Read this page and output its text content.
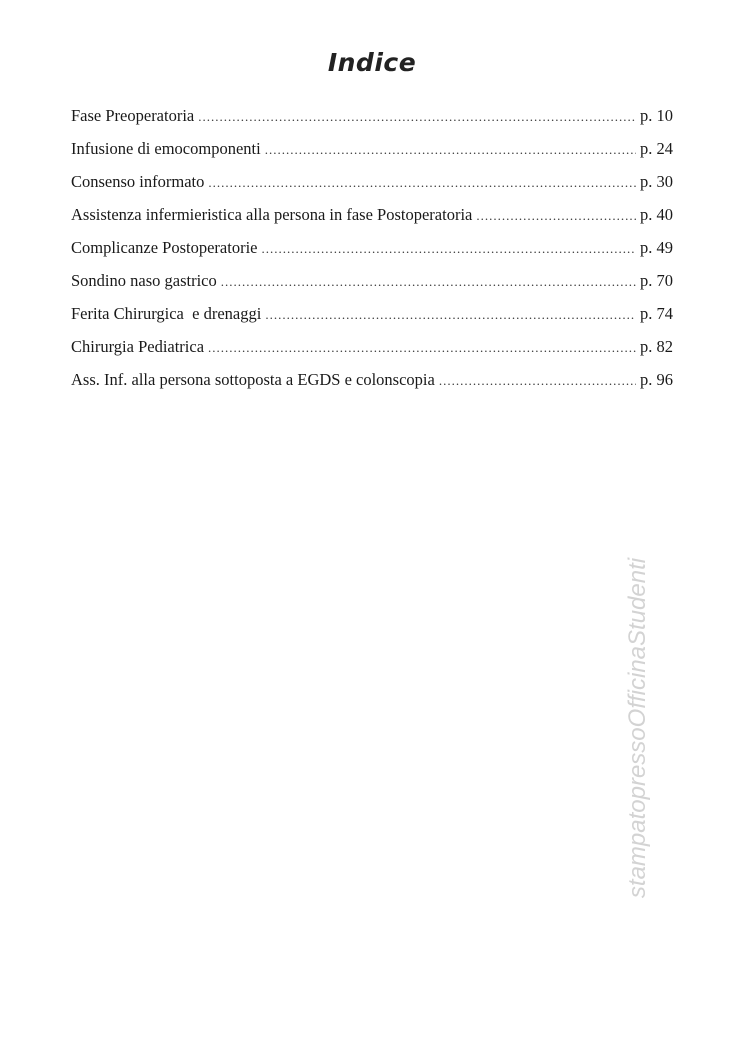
Indice
Fase Preoperatoria .....	p. 10
Infusione di emocomponenti .....	p. 24
Consenso informato .....	p. 30
Assistenza infermieristica alla persona in fase Postoperatoria .....	p. 40
Complicanze Postoperatorie .....	p. 49
Sondino naso gastrico .....	p. 70
Ferita Chirurgica  e drenaggi .....	p. 74
Chirurgia Pediatrica .....	p. 82
Ass. Inf. alla persona sottoposta a EGDS e colonscopia .....	p. 96
stampatopressoOfficinaStudenti
